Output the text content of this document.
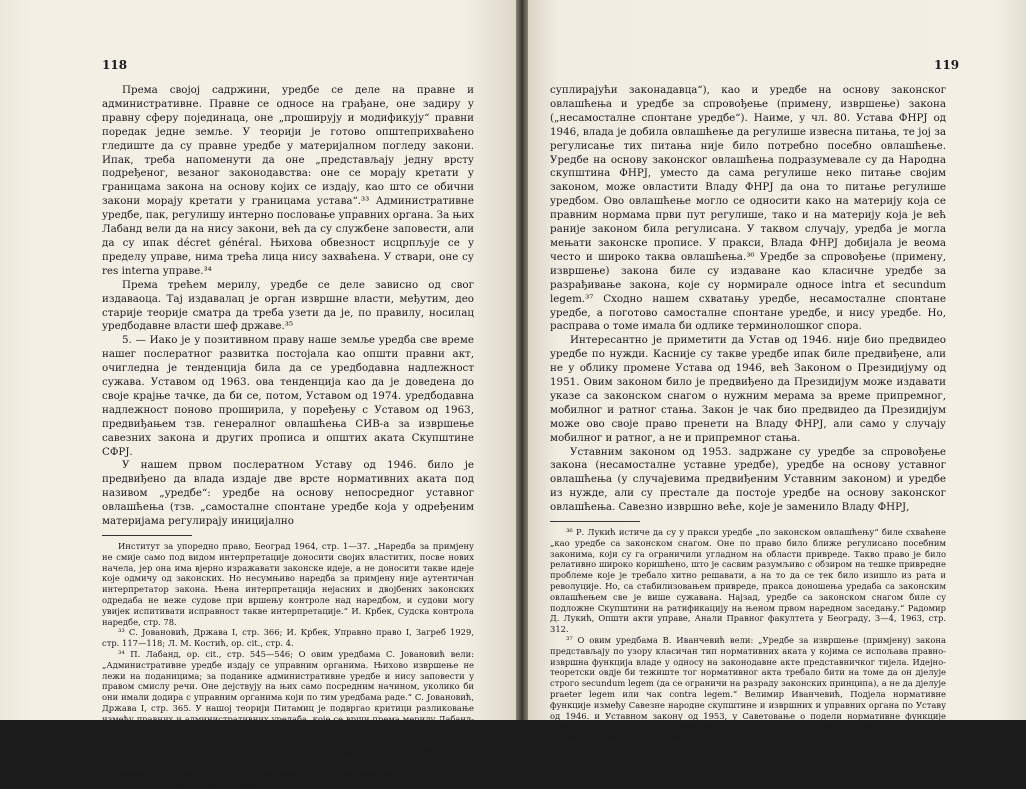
118

Према својој садржини, уредбе се деле на правне и административне. Правне се односе на грађане, оне задиру у правну сферу појединаца, оне „проширују и модификују“ правни поредак једне земље. У теорији је готово општеприхваћено гледиште да су правне уредбе у материјалном погледу закони. Ипак, треба напоменути да оне „представљају једну врсту подређеног, везаног законодавства: оне се морају кретати у границама закона на основу којих се издају, као што се обични закони морају кретати у границама устава“.³³ Административне уредбе, пак, регулишу интерно пословање управних органа. За њих Лабанд вели да на нису закони, већ да су службене заповести, али да су ипак décret général. Њихова обвезност исцрпљује се у пределу управе, нима трећа лица нису захваћена. У ствари, оне су res interna управе.³⁴

Према трећем мерилу, уредбе се деле зависно од свог издаваоца. Тај издавалац је орган извршне власти, међутим, део старије теорије сматра да треба узети да је, по правилу, носилац уредбодавне власти шеф државе.³⁵

5. — Иако је у позитивном праву наше земље уредба све време нашег послератног развитка постојала као општи правни акт, очигледна је тенденција била да се уредбодавна надлежност сужава. Уставом од 1963. ова тенденција као да је доведена до своје крајње тачке, да би се, потом, Уставом од 1974. уредбодавна надлежност поново проширила, у поређењу с Уставом од 1963, предвиђањем тзв. генералног овлашћења СИВ-а за извршење савезних закона и других прописа и општих аката Скупштине СФРЈ.

У нашем првом послератном Уставу од 1946. било је предвиђено да влада издаје две врсте нормативних аката под називом „уредбе“: уредбе на основу непосредног уставног овлашћења (тзв. „самосталне спонтане уредбе која у одређеним материјама регулирају иницијално

Институт за упоредно право, Београд 1964, стр. 1—37. „Наредба за примјену не смије само под видом интерпретације доносити својих властитих, посве нових начела, јер она има вјерно изражавати законске идеје, а не доносити такве идеје које одмичу од законских. Но несумњиво наредба за примјену није аутентичан интерпретатор закона. Њена интерпретација нејасних и двојбених законских одредаба не веже судове при вршењу контроле над наредбом, и судови могу увијек испитивати исправност такве интерпретације.“ И. Крбек, Судска контрола наредбе, стр. 78.

³³ С. Јовановић, Држава I, стр. 366; И. Крбек, Управно право I, Загреб 1929, стр. 117—118; Л. М. Костић, op. cit., стр. 4.

³⁴ П. Лабанд, op. cit., стр. 545—546; О овим уредбама С. Јовановић вели: „Административне уредбе издају се управним органима. Њихово извршење не лежи на поданицима; за поданике административне уредбе и нису заповести у правом смислу речи. Оне дејствују на њих само посредним начином, уколико би они имали додира с управним органима који по тим уредбама раде.“ С. Јовановић, Држава I, стр. 365. У нашој теорији Питамиц је подвргао критици разликовање између правних и административних уредаба, које се врши према мерилу Лабанд-Јелинекове теорије путем кога се одређује закон у материјалном смислу. Ово стога што се „многе ‘административне’ уредбе за јавност управо исто онако важне као и неке ‘правне’ уредбе у смислу поменуте теорије“. Питамиц вели да је „У модерној држави уопште тешко тачно разликовати оно што се тиче само управне организације од оног што се тиче становништва.“ А. Питамиц, op. cit., стр. 271.

³⁵ Тако и Крбек, Управно право I, Загреб 1929, стр. 121—122.

119

суплирајући законадавца“), као и уредбе на основу законског овлашћења и уредбе за спровођење (примену, извршење) закона („несамосталне спонтане уредбе“). Наиме, у чл. 80. Устава ФНРЈ од 1946, влада је добила овлашћење да регулише извесна питања, те јој за регулисање тих питања није било потребно посебно овлашћење. Уредбе на основу законског овлашћења подразумевале су да Народна скупштина ФНРЈ, уместо да сама регулише неко питање својим законом, може овластити Владу ФНРЈ да она то питање регулише уредбом. Ово овлашћење могло се односити како на материју која се правним нормама први пут регулише, тако и на материју која је већ раније законом била регулисана. У таквом случају, уредба је могла мењати законске прописе. У пракси, Влада ФНРЈ добијала је веома често и широко таква овлашћења.³⁶ Уредбе за спровођење (примену, извршење) закона биле су издаване као класичне уредбе за разрађивање закона, које су нормирале односе intra et secundum legem.³⁷ Сходно нашем схватању уредбе, несамосталне спонтане уредбе, а поготово самосталне спонтане уредбе, и нису уредбе. Но, расправа о томе имала би одлике терминолошког спора.

Интересантно је приметити да Устав од 1946. није био предвидео уредбе по нужди. Касније су такве уредбе ипак биле предвиђене, али не у облику промене Устава од 1946, већ Законом о Президијуму од 1951. Овим законом било је предвиђено да Президијум може издавати указе са законском снагом о нужним мерама за време припремног, мобилног и ратног стања. Закон је чак био предвидео да Президијум може ово своје право пренети на Владу ФНРЈ, али само у случају мобилног и ратног, а не и припремног стања.

Уставним законом од 1953. задржане су уредбе за спровођење закона (несамосталне уставне уредбе), уредбе на основу уставног овлашћења (у случајевима предвиђеним Уставним законом) и уредбе из нужде, али су престале да постоје уредбе на основу законског овлашћења. Савезно извршно веће, које је заменило Владу ФНРЈ,

³⁶ Р. Лукић истиче да су у пракси уредбе „по законском овлашћењу“ биле схваћене „као уредбе са законском снагом. Оне по право било ближе регулисано посебним законима, који су га ограничили угладном на области привреде. Такво право је било релативно широко коришћено, што је сасвим разумљиво с обзиром на тешке привредне проблеме које је требало хитно решавати, а на то да се тек било изишло из рата и револуције. Но, са стабилизовањем привреде, пракса доношења уредаба са законским овлашћењем све је више сужавана. Најзад, уредбе са законском снагом биле су подложне Скупштини на ратификацију на њеном првом наредном заседању.“ Радомир Д. Лукић, Општи акти управе, Анали Правног факултета у Београду, 3—4, 1963, стр. 312.

³⁷ О овим уредбама В. Иванчевић вели: „Уредбе за извршење (примјену) закона представљају по узору класичан тип нормативних аката у којима се испољава правно-извршна функција владе у односу на законодавне акте представничког тијела. Идејно-теоретски овдје би тежиште тог нормативног акта требало бити на томе да он дјелује строго secundum legem (да се ограничи на разраду законских принципа), а не да дјелује praeter legem или чак contra legem.“ Велимир Иванчевић, Подјела нормативне функције између Савезне народне скупштине и извршних и управних органа по Уставу од 1946. и Уставном закону од 1953, у Саветовање о подели нормативне функције између централних представничких тела и извршно-управних органа, Институт за упоредно право, Београд 1964, стр. 1—28.
